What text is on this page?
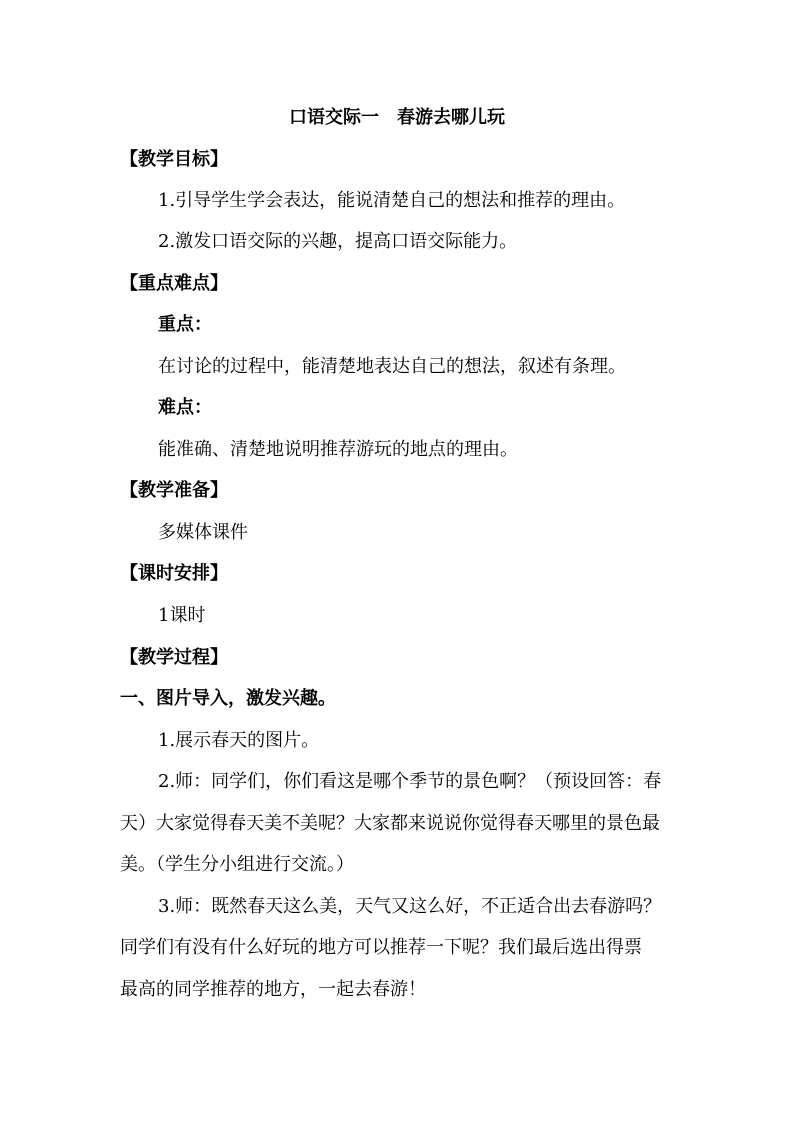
口语交际一　春游去哪儿玩
【教学目标】
1.引导学生学会表达，能说清楚自己的想法和推荐的理由。
2.激发口语交际的兴趣，提高口语交际能力。
【重点难点】
重点：
在讨论的过程中，能清楚地表达自己的想法，叙述有条理。
难点：
能准确、清楚地说明推荐游玩的地点的理由。
【教学准备】
多媒体课件
【课时安排】
1课时
【教学过程】
一、图片导入，激发兴趣。
1.展示春天的图片。
2.师：同学们，你们看这是哪个季节的景色啊？（预设回答：春
天）大家觉得春天美不美呢？大家都来说说你觉得春天哪里的景色最
美。（学生分小组进行交流。）
3.师：既然春天这么美，天气又这么好，不正适合出去春游吗？
同学们有没有什么好玩的地方可以推荐一下呢？我们最后选出得票
最高的同学推荐的地方，一起去春游！
